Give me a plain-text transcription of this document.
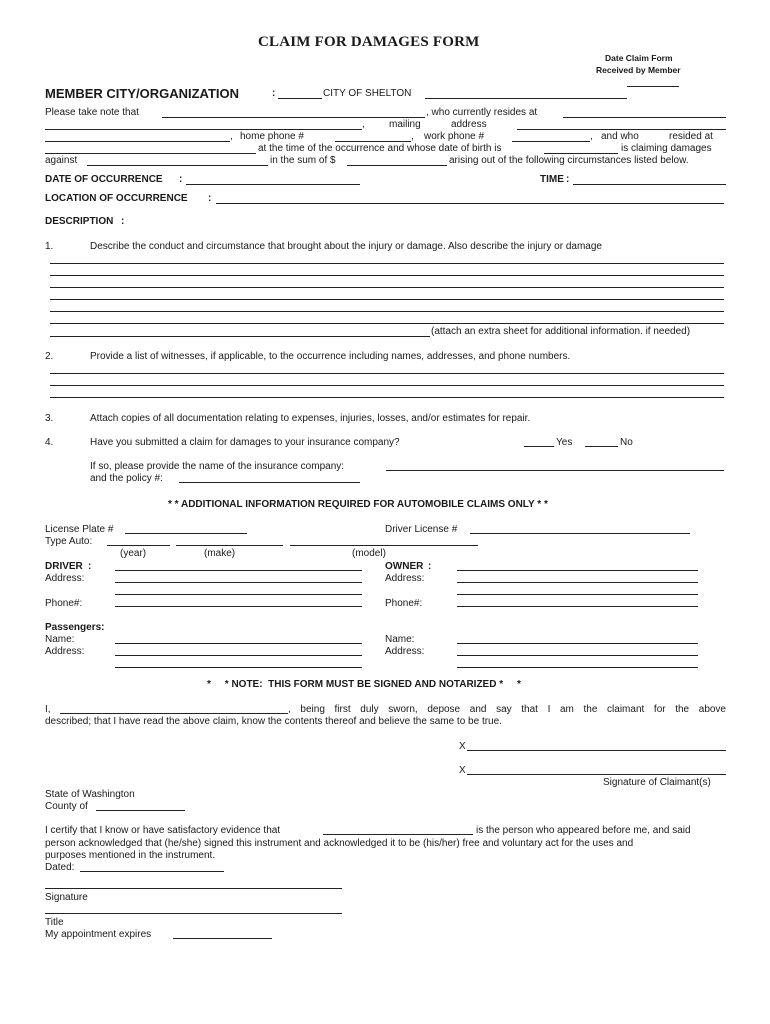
CLAIM FOR DAMAGES FORM
Date Claim Form
Received by Member
MEMBER CITY/ORGANIZATION	:	CITY OF SHELTON
Please take note that	, who currently resides at
, mailing	address
, home phone #	, work phone #	, and who	resided at
at the time of the occurrence and whose date of birth is	is claiming damages
against	in the sum of $	arising out of the following circumstances listed below.
DATE OF OCCURRENCE :	TIME :
LOCATION OF OCCURRENCE :
DESCRIPTION :
1.	Describe the conduct and circumstance that brought about the injury or damage. Also describe the injury or damage
(attach an extra sheet for additional information. if needed)
2.	Provide a list of witnesses, if applicable, to the occurrence including names, addresses, and phone numbers.
3.	Attach copies of all documentation relating to expenses, injuries, losses, and/or estimates for repair.
4.	Have you submitted a claim for damages to your insurance company?	Yes	No
If so, please provide the name of the insurance company:
and the policy #:
* * ADDITIONAL INFORMATION REQUIRED FOR AUTOMOBILE CLAIMS ONLY * *
License Plate #	Driver License #
Type Auto:
(year)	(make)	(model)
DRIVER :	OWNER :
Address:	Address:
Phone#:	Phone#:
Passengers:
Name:	Name:
Address:	Address:
*     * NOTE:  THIS FORM MUST BE SIGNED AND NOTARIZED *     *
I,	, being first duly sworn, depose and say that I am the claimant for the above
described; that I have read the above claim, know the contents thereof and believe the same to be true.
X
X
Signature of Claimant(s)
State of Washington
County of
I certify that I know or have satisfactory evidence that	is the person who appeared before me, and said
person acknowledged that (he/she) signed this instrument and acknowledged it to be (his/her) free and voluntary act for the uses and
purposes mentioned in the instrument.
Dated:
Signature
Title
My appointment expires
